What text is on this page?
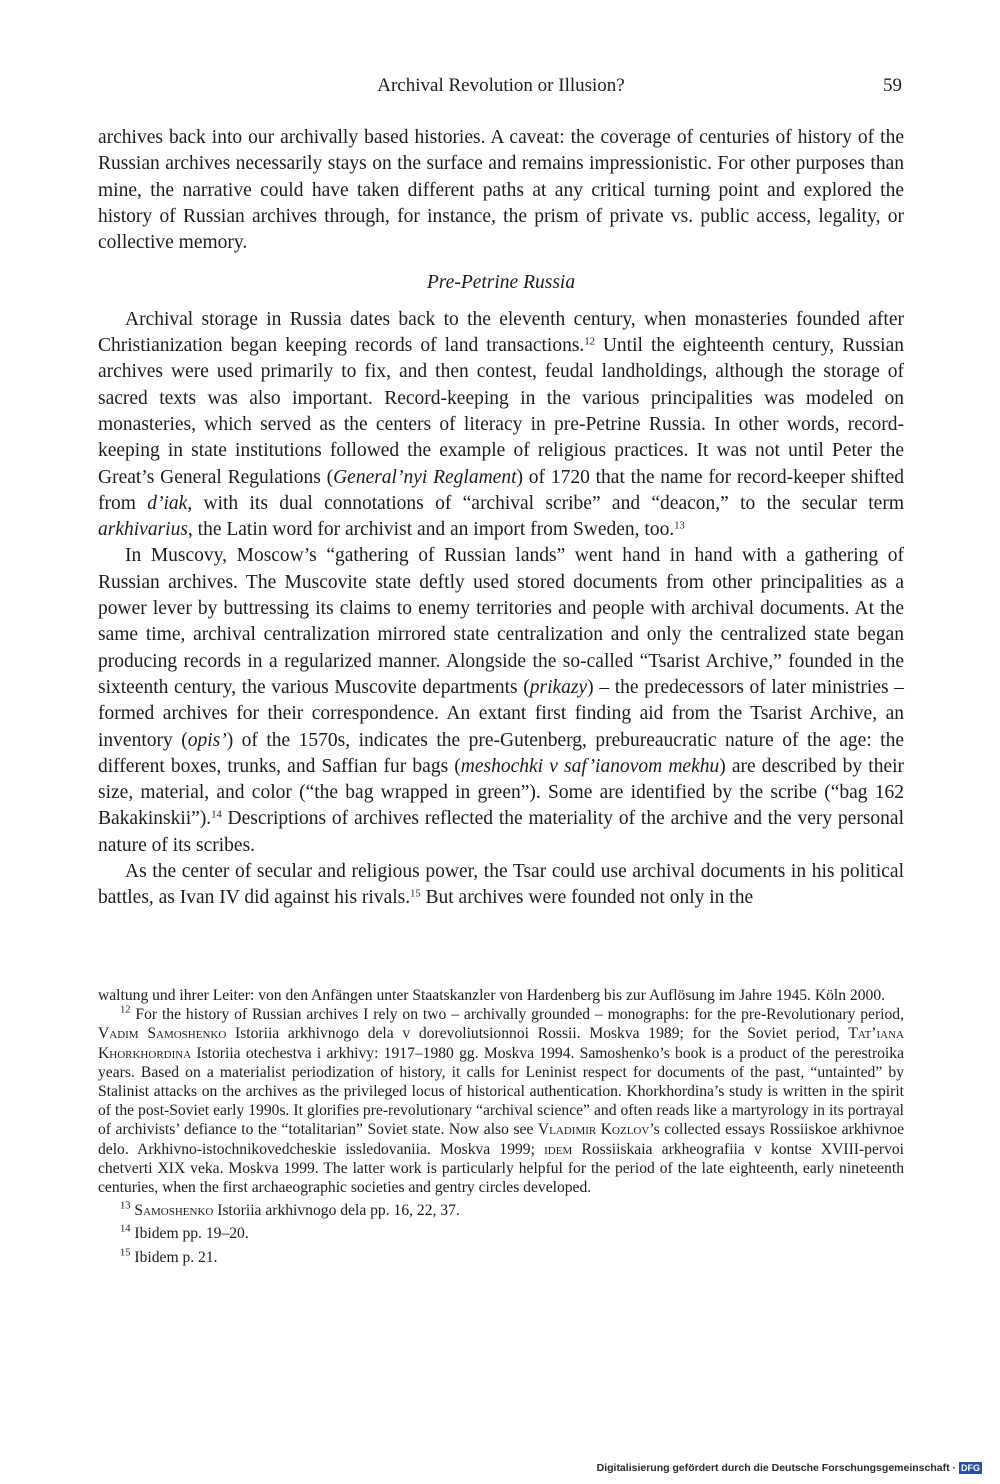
Archival Revolution or Illusion?	59

archives back into our archivally based histories. A caveat: the coverage of centuries of history of the Russian archives necessarily stays on the surface and remains impressionistic. For other purposes than mine, the narrative could have taken different paths at any critical turning point and explored the history of Russian archives through, for instance, the prism of private vs. public access, legality, or collective memory.

Pre-Petrine Russia

Archival storage in Russia dates back to the eleventh century, when monasteries founded after Christianization began keeping records of land transactions.$^{12}$ Until the eighteenth century, Russian archives were used primarily to fix, and then contest, feudal landholdings, although the storage of sacred texts was also important. Record-keeping in the various principalities was modeled on monasteries, which served as the centers of literacy in pre-Petrine Russia. In other words, record-keeping in state institutions followed the example of religious practices. It was not until Peter the Great’s General Regulations (General’nyi Reglament) of 1720 that the name for record-keeper shifted from d’iak, with its dual connotations of “archival scribe” and “deacon,” to the secular term arkhivarius, the Latin word for archivist and an import from Sweden, too.$^{13}$

In Muscovy, Moscow’s “gathering of Russian lands” went hand in hand with a gathering of Russian archives. The Muscovite state deftly used stored documents from other principalities as a power lever by buttressing its claims to enemy territories and people with archival documents. At the same time, archival centralization mirrored state centralization and only the centralized state began producing records in a regularized manner. Alongside the so-called “Tsarist Archive,” founded in the sixteenth century, the various Muscovite departments (prikazy) – the predecessors of later ministries – formed archives for their correspondence. An extant first finding aid from the Tsarist Archive, an inventory (opis’) of the 1570s, indicates the pre-Gutenberg, prebureaucratic nature of the age: the different boxes, trunks, and Saffian fur bags (meshochki v saf’ianovom mekhu) are described by their size, material, and color (“the bag wrapped in green”). Some are identified by the scribe (“bag 162 Bakakinskii”).$^{14}$ Descriptions of archives reflected the materiality of the archive and the very personal nature of its scribes.

As the center of secular and religious power, the Tsar could use archival documents in his political battles, as Ivan IV did against his rivals.$^{15}$ But archives were founded not only in the

waltung und ihrer Leiter: von den Anfängen unter Staatskanzler von Hardenberg bis zur Auflösung im Jahre 1945. Köln 2000.

$^{12}$ For the history of Russian archives I rely on two – archivally grounded – monographs: for the pre-Revolutionary period, Vadim Samoshenko Istoriia arkhivnogo dela v dorevoliutsionnoi Rossii. Moskva 1989; for the Soviet period, Tat’iana Khorkhordina Istoriia otechestva i arkhivy: 1917–1980 gg. Moskva 1994. Samoshenko’s book is a product of the perestroika years. Based on a materialist periodization of history, it calls for Leninist respect for documents of the past, “untainted” by Stalinist attacks on the archives as the privileged locus of historical authentication. Khorkhordina’s study is written in the spirit of the post-Soviet early 1990s. It glorifies pre-revolutionary “archival science” and often reads like a martyrology in its portrayal of archivists’ defiance to the “totalitarian” Soviet state. Now also see Vladimir Kozlov’s collected essays Rossiiskoe arkhivnoe delo. Arkhivno-istochnikovedcheskie issledovaniia. Moskva 1999; idem Rossiiskaia arkheografiia v kontse XVIII-pervoi chetverti XIX veka. Moskva 1999. The latter work is particularly helpful for the period of the late eighteenth, early nineteenth centuries, when the first archaeographic societies and gentry circles developed.

$^{13}$ Samoshenko Istoriia arkhivnogo dela pp. 16, 22, 37.

$^{14}$ Ibidem pp. 19–20.

$^{15}$ Ibidem p. 21.

Digitalisierung gefördert durch die Deutsche Forschungsgemeinschaft · DFG
